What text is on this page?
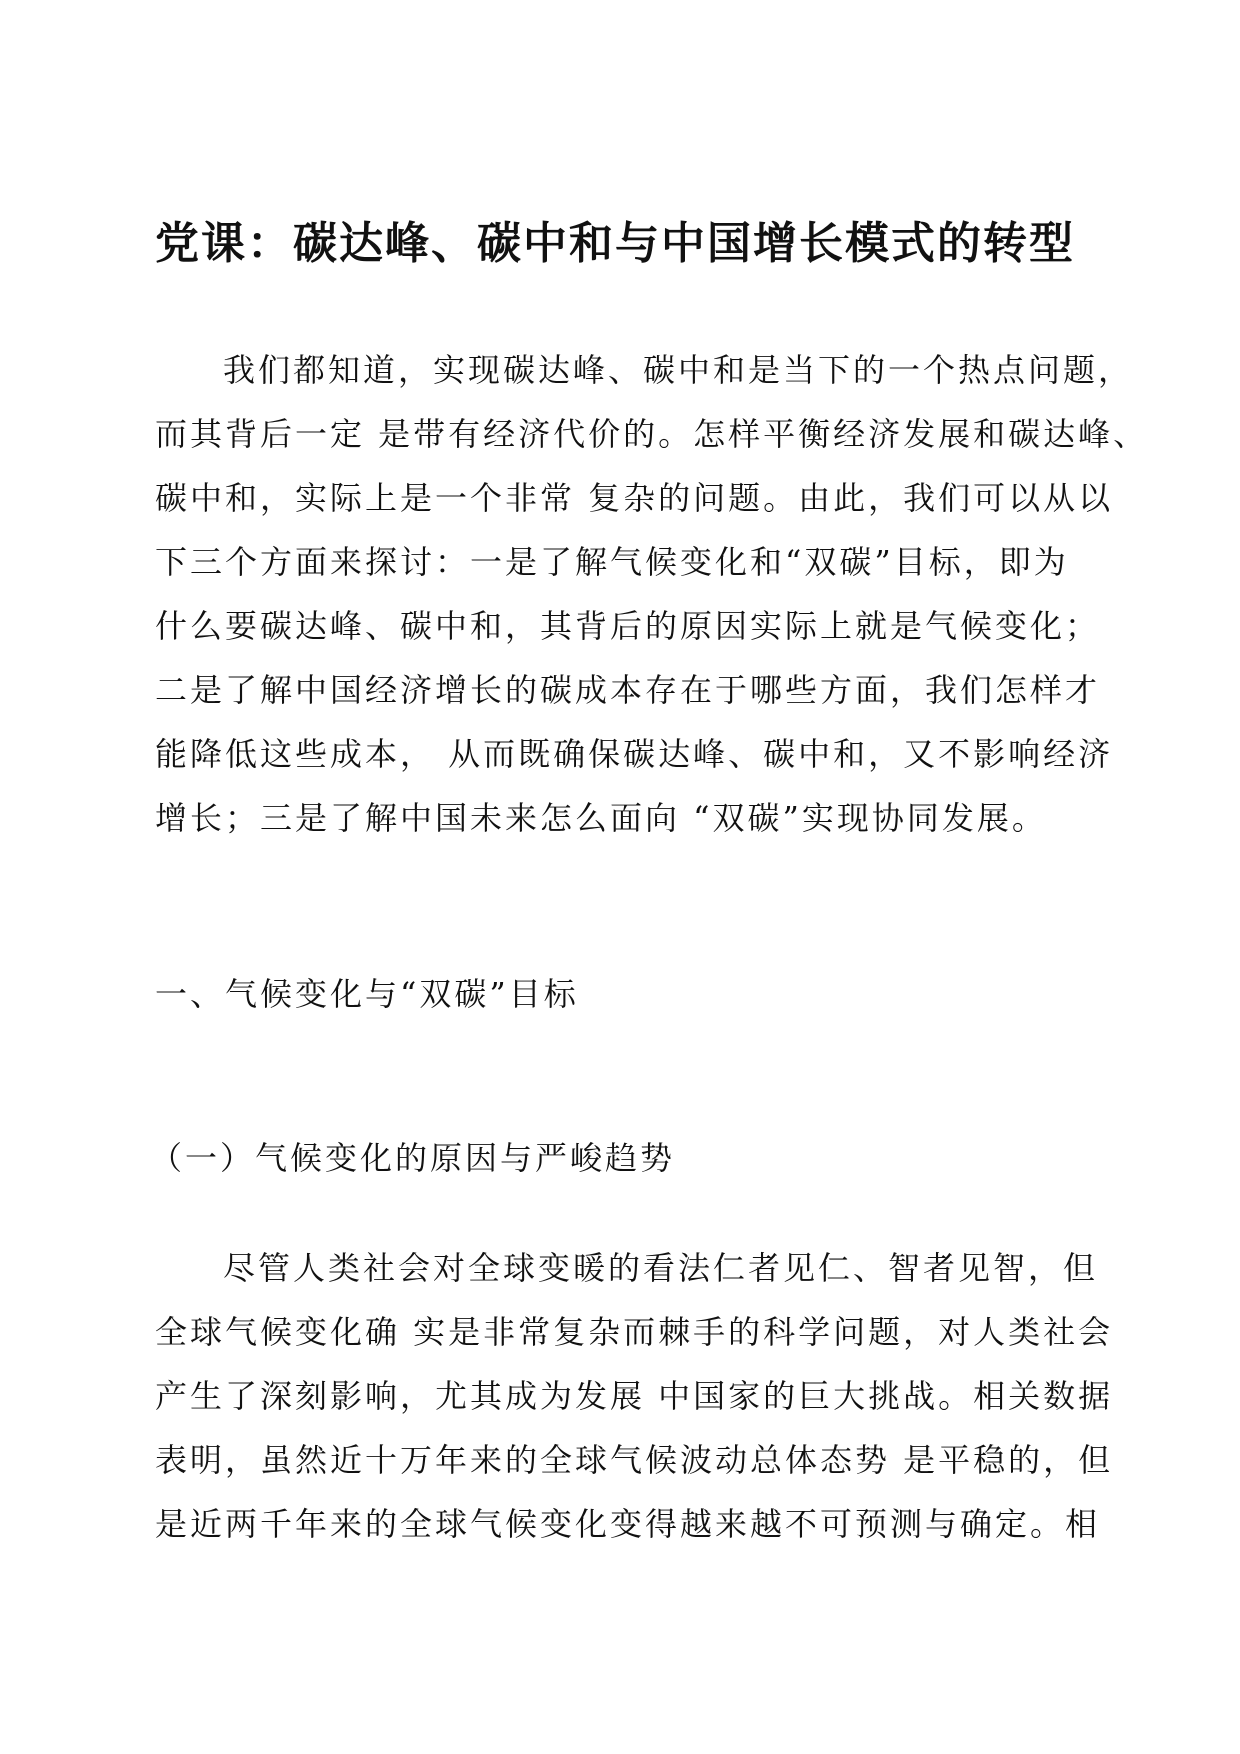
党课：碳达峰、碳中和与中国增长模式的转型
我们都知道，实现碳达峰、碳中和是当下的一个热点问题，
而其背后一定 是带有经济代价的。怎样平衡经济发展和碳达峰、
碳中和，实际上是一个非常 复杂的问题。由此，我们可以从以
下三个方面来探讨：一是了解气候变化和“双碳”目标，即为
什么要碳达峰、碳中和，其背后的原因实际上就是气候变化；
二是了解中国经济增长的碳成本存在于哪些方面，我们怎样才
能降低这些成本， 从而既确保碳达峰、碳中和，又不影响经济
增长；三是了解中国未来怎么面向 “双碳”实现协同发展。
一、气候变化与“双碳”目标
（一）气候变化的原因与严峻趋势
尽管人类社会对全球变暖的看法仁者见仁、智者见智，但
全球气候变化确 实是非常复杂而棘手的科学问题，对人类社会
产生了深刻影响，尤其成为发展 中国家的巨大挑战。相关数据
表明，虽然近十万年来的全球气候波动总体态势 是平稳的，但
是近两千年来的全球气候变化变得越来越不可预测与确定。相
